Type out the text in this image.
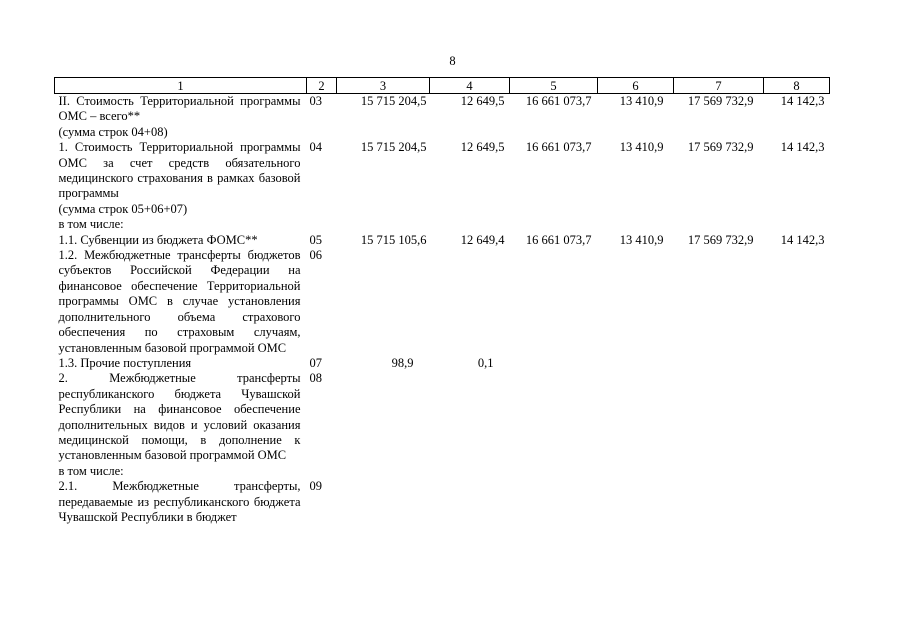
8
1	2	3	4	5	6	7	8
II. Стоимость Территориальной программы ОМС – всего**
(сумма строк 04+08)	03	15 715 204,5	12 649,5	16 661 073,7	13 410,9	17 569 732,9	14 142,3
1. Стоимость Территориальной программы ОМС за счет средств обязательного медицинского страхования в рамках базовой программы
(сумма строк 05+06+07)	04	15 715 204,5	12 649,5	16 661 073,7	13 410,9	17 569 732,9	14 142,3
в том числе:							
1.1. Субвенции из бюджета ФОМС**	05	15 715 105,6	12 649,4	16 661 073,7	13 410,9	17 569 732,9	14 142,3
1.2. Межбюджетные трансферты бюджетов субъектов Российской Федерации на финансовое обеспечение Территориальной программы ОМС в случае установления дополнительного объема страхового обеспечения по страховым случаям, установленным базовой программой ОМС	06						
1.3. Прочие поступления	07	98,9	0,1				
2. Межбюджетные трансферты республиканского бюджета Чувашской Республики на финансовое обеспечение дополнительных видов и условий оказания медицинской помощи, в дополнение к установленным базовой программой ОМС	08						
в том числе:							
2.1. Межбюджетные трансферты, передаваемые из республиканского бюджета Чувашской Республики в бюджет	09						
